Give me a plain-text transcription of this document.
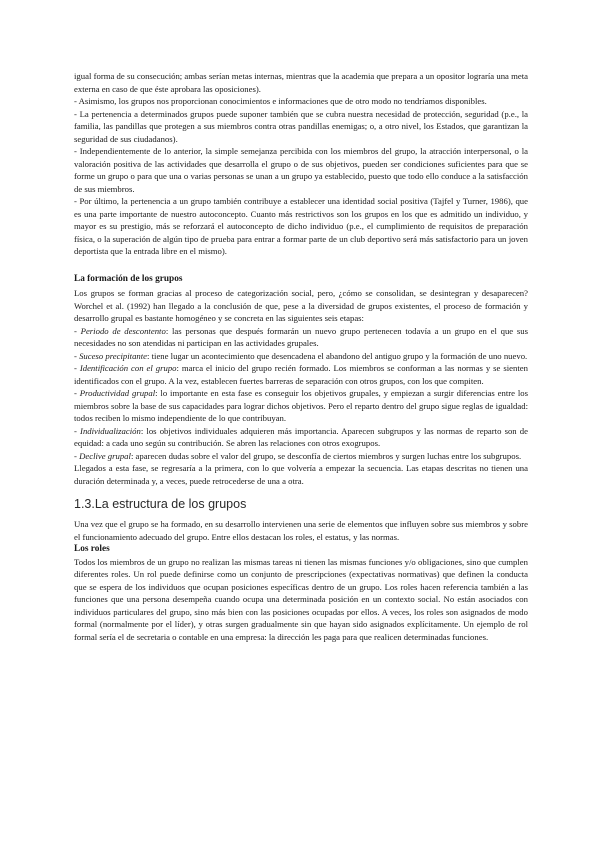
igual forma de su consecución; ambas serían metas internas, mientras que la academia que prepara a un opositor lograría una meta externa en caso de que éste aprobara las oposiciones).

- Asimismo, los grupos nos proporcionan conocimientos e informaciones que de otro modo no tendríamos disponibles.

- La pertenencia a determinados grupos puede suponer también que se cubra nuestra necesidad de protección, seguridad (p.e., la familia, las pandillas que protegen a sus miembros contra otras pandillas enemigas; o, a otro nivel, los Estados, que garantizan la seguridad de sus ciudadanos).

- Independientemente de lo anterior, la simple semejanza percibida con los miembros del grupo, la atracción interpersonal, o la valoración positiva de las actividades que desarrolla el grupo o de sus objetivos, pueden ser condiciones suficientes para que se forme un grupo o para que una o varias personas se unan a un grupo ya establecido, puesto que todo ello conduce a la satisfacción de sus miembros.

- Por último, la pertenencia a un grupo también contribuye a establecer una identidad social positiva (Tajfel y Turner, 1986), que es una parte importante de nuestro autoconcepto. Cuanto más restrictivos son los grupos en los que es admitido un individuo, y mayor es su prestigio, más se reforzará el autoconcepto de dicho individuo (p.e., el cumplimiento de requisitos de preparación física, o la superación de algún tipo de prueba para entrar a formar parte de un club deportivo será más satisfactorio para un joven deportista que la entrada libre en el mismo).

La formación de los grupos

Los grupos se forman gracias al proceso de categorización social, pero, ¿cómo se consolidan, se desintegran y desaparecen? Worchel et al. (1992) han llegado a la conclusión de que, pese a la diversidad de grupos existentes, el proceso de formación y desarrollo grupal es bastante homogéneo y se concreta en las siguientes seis etapas:

- Periodo de descontento: las personas que después formarán un nuevo grupo pertenecen todavía a un grupo en el que sus necesidades no son atendidas ni participan en las actividades grupales.

- Suceso precipitante: tiene lugar un acontecimiento que desencadena el abandono del antiguo grupo y la formación de uno nuevo.

- Identificación con el grupo: marca el inicio del grupo recién formado. Los miembros se conforman a las normas y se sienten identificados con el grupo. A la vez, establecen fuertes barreras de separación con otros grupos, con los que compiten.

- Productividad grupal: lo importante en esta fase es conseguir los objetivos grupales, y empiezan a surgir diferencias entre los miembros sobre la base de sus capacidades para lograr dichos objetivos. Pero el reparto dentro del grupo sigue reglas de igualdad: todos reciben lo mismo independiente de lo que contribuyan.

- Individualización: los objetivos individuales adquieren más importancia. Aparecen subgrupos y las normas de reparto son de equidad: a cada uno según su contribución. Se abren las relaciones con otros exogrupos.

- Declive grupal: aparecen dudas sobre el valor del grupo, se desconfía de ciertos miembros y surgen luchas entre los subgrupos.

Llegados a esta fase, se regresaría a la primera, con lo que volvería a empezar la secuencia. Las etapas descritas no tienen una duración determinada y, a veces, puede retrocederse de una a otra.

1.3.La estructura de los grupos

Una vez que el grupo se ha formado, en su desarrollo intervienen una serie de elementos que influyen sobre sus miembros y sobre el funcionamiento adecuado del grupo. Entre ellos destacan los roles, el estatus, y las normas.

Los roles

Todos los miembros de un grupo no realizan las mismas tareas ni tienen las mismas funciones y/o obligaciones, sino que cumplen diferentes roles. Un rol puede definirse como un conjunto de prescripciones (expectativas normativas) que definen la conducta que se espera de los individuos que ocupan posiciones específicas dentro de un grupo. Los roles hacen referencia también a las funciones que una persona desempeña cuando ocupa una determinada posición en un contexto social. No están asociados con individuos particulares del grupo, sino más bien con las posiciones ocupadas por ellos. A veces, los roles son asignados de modo formal (normalmente por el líder), y otras surgen gradualmente sin que hayan sido asignados explícitamente. Un ejemplo de rol formal sería el de secretaria o contable en una empresa: la dirección les paga para que realicen determinadas funciones.
